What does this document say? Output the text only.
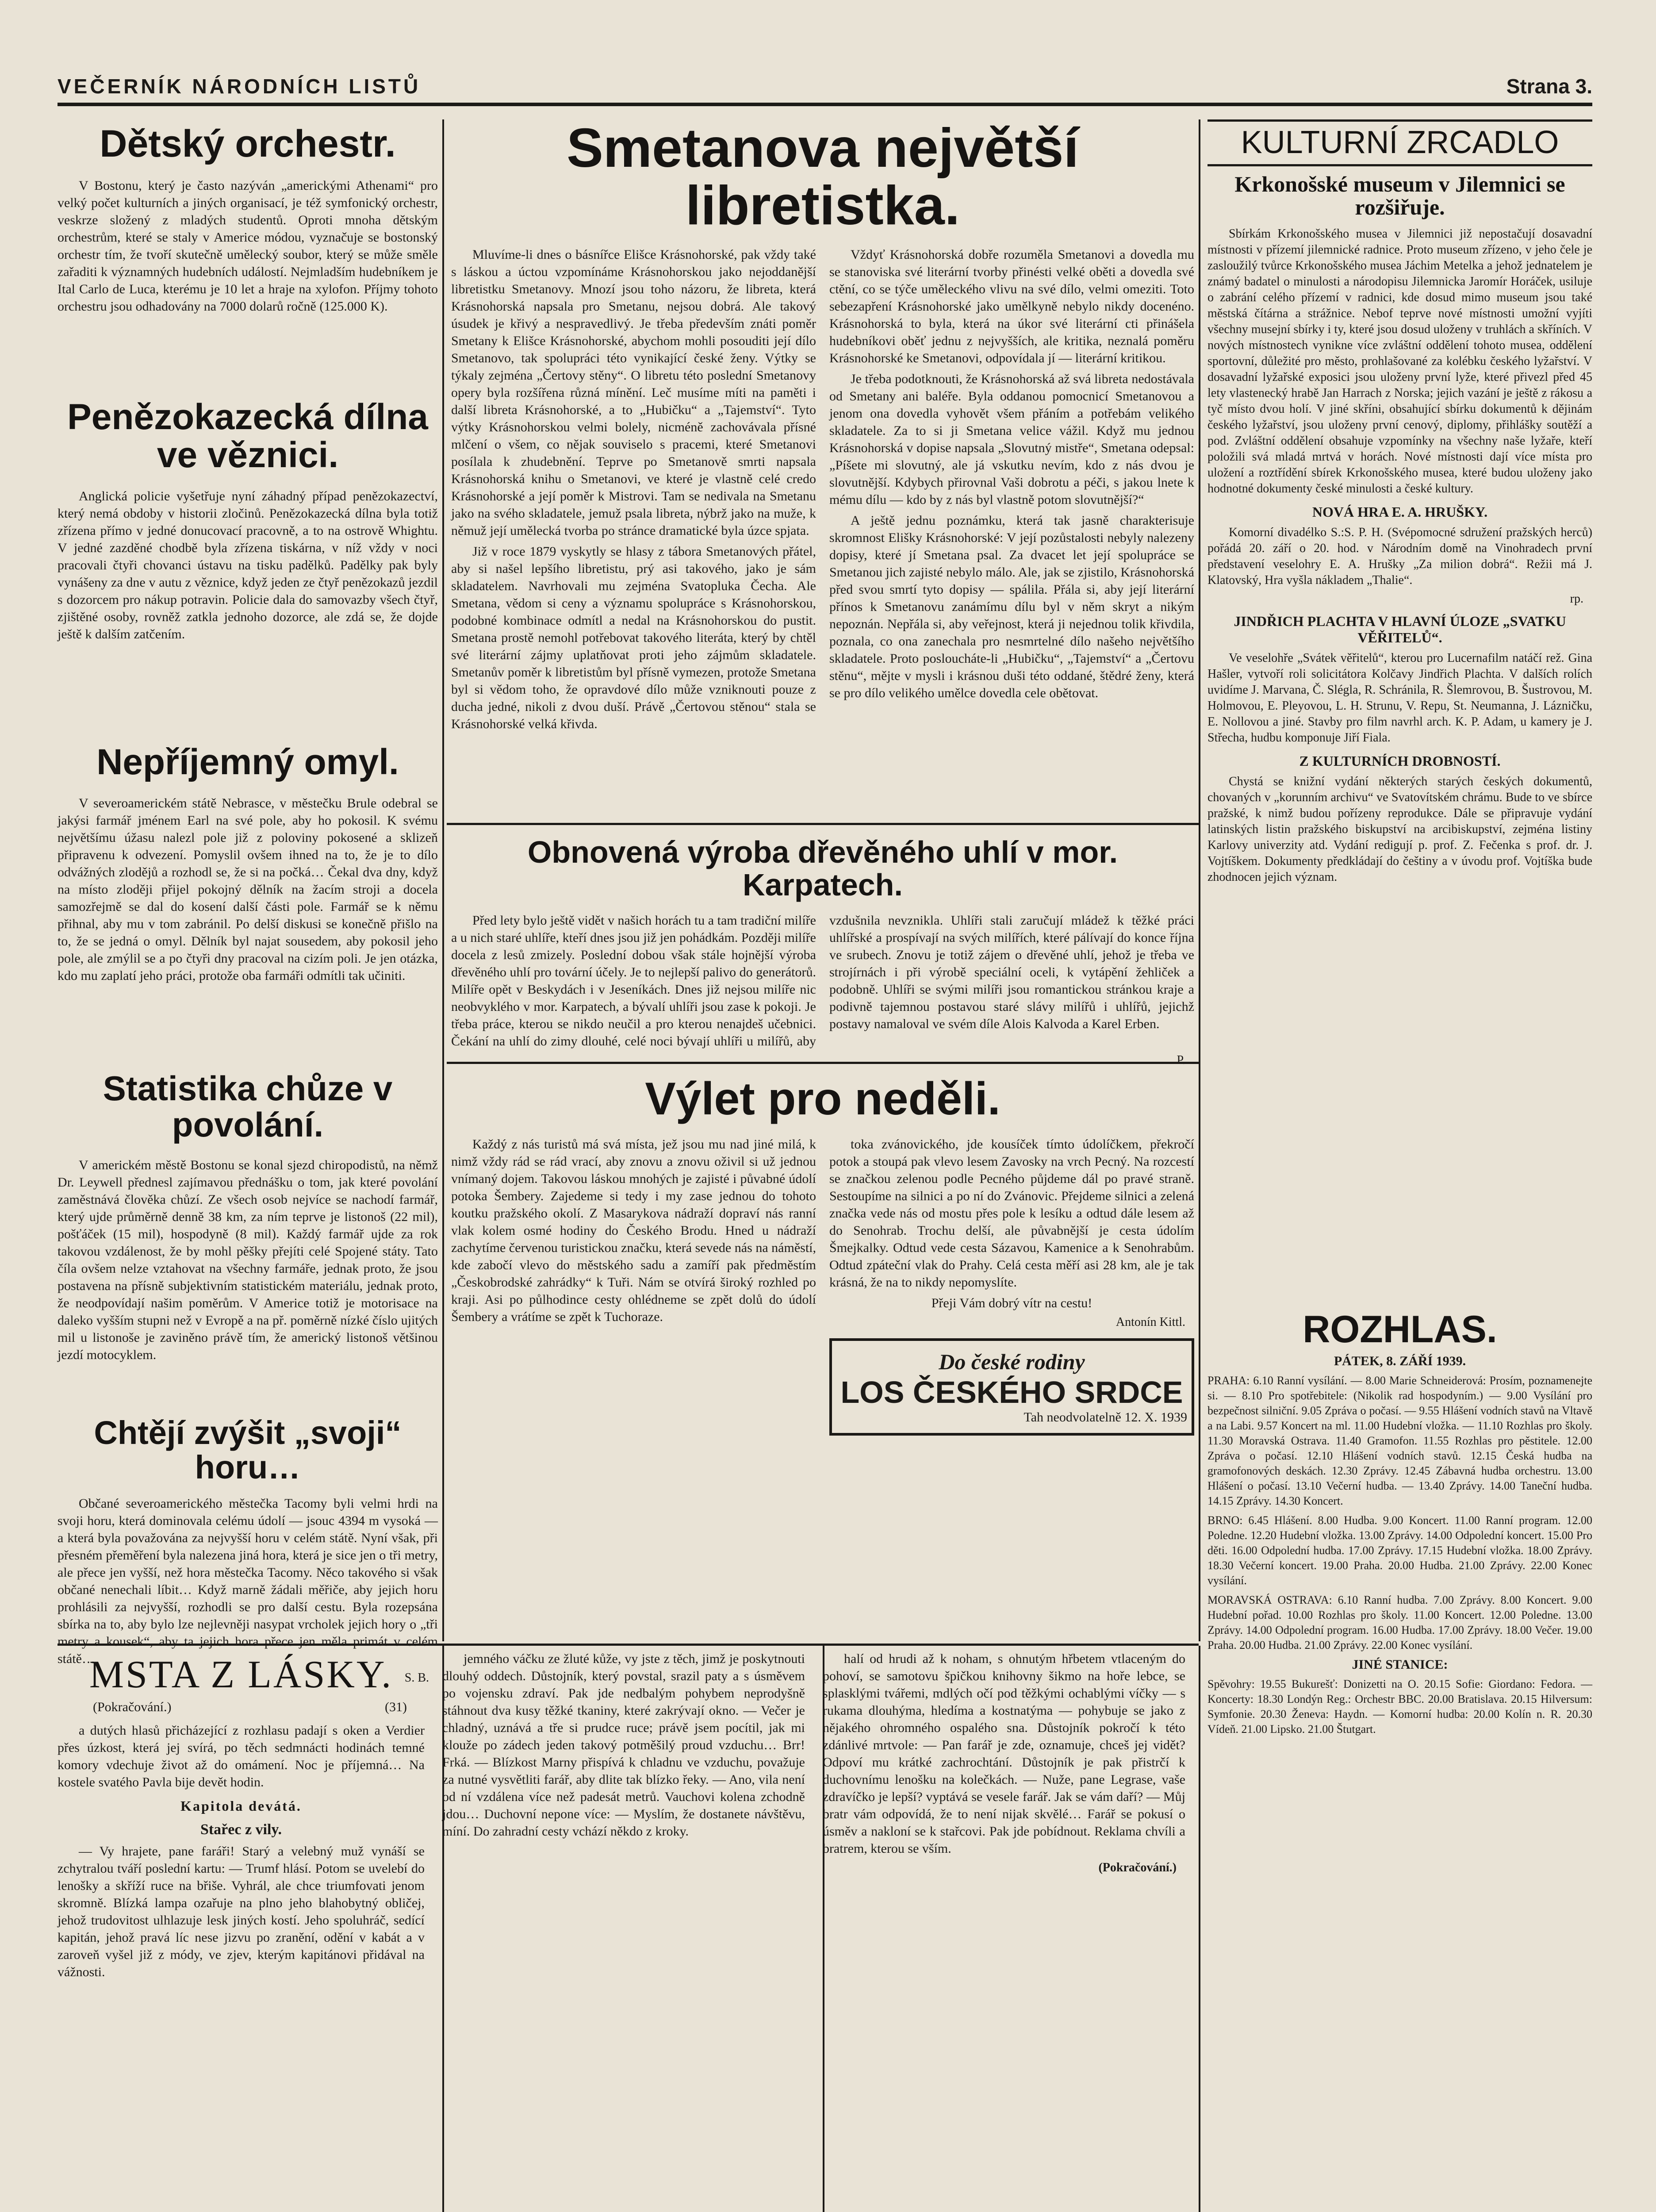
VEČERNÍK NÁRODNÍCH LISTŮ	Strana 3.
Dětský orchestr.

V Bostonu, který je často nazýván „americkými Athenami“ pro velký počet kulturních a jiných organisací, je též symfonický orchestr, veskrze složený z mladých studentů. Oproti mnoha dětským orchestrům, které se staly v Americe módou, vyznačuje se bostonský orchestr tím, že tvoří skutečně umělecký soubor, který se může směle zařaditi k významných hudebních událostí. Nejmladším hudebníkem je Ital Carlo de Luca, kterému je 10 let a hraje na xylofon. Příjmy tohoto orchestru jsou odhadovány na 7000 dolarů ročně (125.000 K).

Penězokazecká dílna ve věznici.

Anglická policie vyšetřuje nyní záhadný případ penězokazectví, který nemá obdoby v historii zločinů. Penězokazecká dílna byla totiž zřízena přímo v jedné donucovací pracovně, a to na ostrově Whightu. V jedné zazděné chodbě byla zřízena tiskárna, v níž vždy v noci pracovali čtyři chovanci ústavu na tisku padělků. Padělky pak byly vynášeny za dne v autu z věznice, když jeden ze čtyř penězokazů jezdil s dozorcem pro nákup potravin. Policie dala do samovazby všech čtyř, zjištěné osoby, rovněž zatkla jednoho dozorce, ale zdá se, že dojde ještě k dalším zatčením.

Nepříjemný omyl.

V severoamerickém státě Nebrasce, v městečku Brule odebral se jakýsi farmář jménem Earl na své pole, aby ho pokosil. K svému největšímu úžasu nalezl pole již z poloviny pokosené a sklizeň připravenu k odvezení. Pomyslil ovšem ihned na to, že je to dílo odvážných zlodějů a rozhodl se, že si na počká… Čekal dva dny, když na místo zloději přijel pokojný dělník na žacím stroji a docela samozřejmě se dal do kosení další části pole. Farmář se k němu přihnal, aby mu v tom zabránil. Po delší diskusi se konečně přišlo na to, že se jedná o omyl. Dělník byl najat sousedem, aby pokosil jeho pole, ale zmýlil se a po čtyři dny pracoval na cizím poli. Je jen otázka, kdo mu zaplatí jeho práci, protože oba farmáři odmítli tak učiniti.

Statistika chůze v povolání.

V americkém městě Bostonu se konal sjezd chiropodistů, na němž Dr. Leywell přednesl zajímavou přednášku o tom, jak které povolání zaměstnává člověka chůzí. Ze všech osob nejvíce se nachodí farmář, který ujde průměrně denně 38 km, za ním teprve je listonoš (22 mil), pošťáček (15 mil), hospodyně (8 mil). Každý farmář ujde za rok takovou vzdálenost, že by mohl pěšky přejíti celé Spojené státy. Tato číla ovšem nelze vztahovat na všechny farmáře, jednak proto, že jsou postavena na přísně subjektivním statistickém materiálu, jednak proto, že neodpovídají našim poměrům. V Americe totiž je motorisace na daleko vyšším stupni než v Evropě a na př. poměrně nízké číslo ujitých mil u listonoše je zaviněno právě tím, že americký listonoš většinou jezdí motocyklem.

Chtějí zvýšit „svoji“ horu…

Občané severoamerického městečka Tacomy byli velmi hrdi na svoji horu, která dominovala celému údolí — jsouc 4394 m vysoká — a která byla považována za nejvyšší horu v celém státě. Nyní však, při přesném přeměření byla nalezena jiná hora, která je sice jen o tři metry, ale přece jen vyšší, než hora městečka Tacomy. Něco takového si však občané nenechali líbit… Když marně žádali měřiče, aby jejich horu prohlásili za nejvyšší, rozhodli se pro další cestu. Byla rozepsána sbírka na to, aby bylo lze nejlevněji nasypat vrcholek jejich hory o „tři metry a kousek“, aby ta jejich hora přece jen měla primát v celém státě…

S. B.
Smetanova největší libretistka.

Mluvíme-li dnes o básnířce Elišce Krásnohorské, pak vždy také s láskou a úctou vzpomínáme Krásnohorskou jako nejoddanější libretistku Smetanovy. Mnozí jsou toho názoru, že libreta, která Krásnohorská napsala pro Smetanu, nejsou dobrá. Ale takový úsudek je křivý a nespravedlivý. Je třeba především znáti poměr Smetany k Elišce Krásnohorské, abychom mohli posouditi její dílo Smetanovo, tak spolupráci této vynikající české ženy. Výtky se týkaly zejména „Čertovy stěny“. O libretu této poslední Smetanovy opery byla rozšířena různá mínění. Leč musíme míti na paměti i další libreta Krásnohorské, a to „Hubičku“ a „Tajemství“. Tyto výtky Krásnohorskou velmi bolely, nicméně zachovávala přísné mlčení o všem, co nějak souviselo s pracemi, které Smetanovi posílala k zhudebnění. Teprve po Smetanově smrti napsala Krásnohorská knihu o Smetanovi, ve které je vlastně celé credo Krásnohorské a její poměr k Mistrovi. Tam se nedivala na Smetanu jako na svého skladatele, jemuž psala libreta, nýbrž jako na muže, k němuž její umělecká tvorba po stránce dramatické byla úzce spjata.

Již v roce 1879 vyskytly se hlasy z tábora Smetanových přátel, aby si našel lepšího libretistu, prý asi takového, jako je sám skladatelem. Navrhovali mu zejména Svatopluka Čecha. Ale Smetana, vědom si ceny a významu spolupráce s Krásnohorskou, podobné kombinace odmítl a nedal na Krásnohorskou do pustit. Smetana prostě nemohl potřebovat takového literáta, který by chtěl své literární zájmy uplatňovat proti jeho zájmům skladatele. Smetanův poměr k libretistům byl přísně vymezen, protože Smetana byl si vědom toho, že opravdové dílo může vzniknouti pouze z ducha jedné, nikoli z dvou duší. Právě „Čertovou stěnou“ stala se Krásnohorské velká křivda.

Vždyť Krásnohorská dobře rozuměla Smetanovi a dovedla mu se stanoviska své literární tvorby přinésti velké oběti a dovedla své ctění, co se týče uměleckého vlivu na své dílo, velmi omeziti. Toto sebezapření Krásnohorské jako umělkyně nebylo nikdy docenéno. Krásnohorská to byla, která na úkor své literární cti přinášela hudebníkovi oběť jednu z nejvyšších, ale kritika, neznalá poměru Krásnohorské ke Smetanovi, odpovídala jí — literární kritikou.

Je třeba podotknouti, že Krásnohorská až svá libreta nedostávala od Smetany ani baléře. Byla oddanou pomocnicí Smetanovou a jenom ona dovedla vyhovět všem přáním a potřebám velikého skladatele. Za to si ji Smetana velice vážil. Když mu jednou Krásnohorská v dopise napsala „Slovutný mistře“, Smetana odepsal: „Píšete mi slovutný, ale já vskutku nevím, kdo z nás dvou je slovutnější. Kdybych přirovnal Vaši dobrotu a péči, s jakou lnete k mému dílu — kdo by z nás byl vlastně potom slovutnější?“

A ještě jednu poznámku, která tak jasně charakterisuje skromnost Elišky Krásnohorské: V její pozůstalosti nebyly nalezeny dopisy, které jí Smetana psal. Za dvacet let její spolupráce se Smetanou jich zajisté nebylo málo. Ale, jak se zjistilo, Krásnohorská před svou smrtí tyto dopisy — spálila. Přála si, aby její literární přínos k Smetanovu zanámímu dílu byl v něm skryt a nikým nepoznán. Nepřála si, aby veřejnost, která ji nejednou tolik křivdila, poznala, co ona zanechala pro nesmrtelné dílo našeho největšího skladatele. Proto posloucháte-li „Hubičku“, „Tajemství“ a „Čertovu stěnu“, mějte v mysli i krásnou duši této oddané, štědré ženy, která se pro dílo velikého umělce dovedla cele obětovat.

Obnovená výroba dřevěného uhlí v mor. Karpatech.

Před lety bylo ještě vidět v našich horách tu a tam tradiční milíře a u nich staré uhlíře, kteří dnes jsou již jen pohádkám. Později milíře docela z lesů zmizely. Poslední dobou však stále hojnější výroba dřevěného uhlí pro tovární účely. Je to nejlepší palivo do generátorů. Milíře opět v Beskydách i v Jeseníkách. Dnes již nejsou milíře nic neobvyklého v mor. Karpatech, a bývalí uhlíři jsou zase k pokoji. Je třeba práce, kterou se nikdo neučil a pro kterou nenajdeš učebnici. Čekání na uhlí do zimy dlouhé, celé noci bývají uhlíři u milířů, aby vzdušnila nevznikla. Uhlíři stali zaručují mládež k těžké práci uhlířské a prospívají na svých milířích, které pálívají do konce října ve srubech. Znovu je totiž zájem o dřevěné uhlí, jehož je třeba ve strojírnách i při výrobě speciální oceli, k vytápění žehliček a podobně. Uhlíři se svými milíři jsou romantickou stránkou kraje a podivně tajemnou postavou staré slávy milířů i uhlířů, jejichž postavy namaloval ve svém díle Alois Kalvoda a Karel Erben.

P.
Výlet pro neděli.

Každý z nás turistů má svá místa, jež jsou mu nad jiné milá, k nimž vždy rád se rád vrací, aby znovu a znovu oživil si už jednou vnímaný dojem. Takovou láskou mnohých je zajisté i půvabné údolí potoka Šembery. Zajedeme si tedy i my zase jednou do tohoto koutku pražského okolí. Z Masarykova nádraží dopraví nás ranní vlak kolem osmé hodiny do Českého Brodu. Hned u nádraží zachytíme červenou turistickou značku, která sevede nás na náměstí, kde zabočí vlevo do městského sadu a zamíří pak předměstím „Českobrodské zahrádky“ k Tuři. Nám se otvírá široký rozhled po kraji. Asi po půlhodince cesty ohlédneme se zpět dolů do údolí Šembery a vrátíme se zpět k Tuchoraze.

toka zvánovického, jde kousíček tímto údolíčkem, překročí potok a stoupá pak vlevo lesem Zavosky na vrch Pecný. Na rozcestí se značkou zelenou podle Pecného půjdeme dál po pravé straně. Sestoupíme na silnici a po ní do Zvánovic. Přejdeme silnici a zelená značka vede nás od mostu přes pole k lesíku a odtud dále lesem až do Senohrab. Trochu delší, ale půvabnější je cesta údolím Šmejkalky. Odtud vede cesta Sázavou, Kamenice a k Senohrabům. Odtud zpáteční vlak do Prahy. Celá cesta měří asi 28 km, ale je tak krásná, že na to nikdy nepomyslíte.

Přeji Vám dobrý vítr na cestu!

Antonín Kittl.
Do české rodiny
LOS ČESKÉHO SRDCE
Tah neodvolatelně 12. X. 1939
KULTURNÍ ZRCADLO
Krkonošské museum v Jilemnici se rozšiřuje.

Sbírkám Krkonošského musea v Jilemnici již nepostačují dosavadní místnosti v přízemí jilemnické radnice. Proto museum zřízeno, v jeho čele je zasloužilý tvůrce Krkonošského musea Jáchim Metelka a jehož jednatelem je známý badatel o minulosti a národopisu Jilemnicka Jaromír Horáček, usiluje o zabrání celého přízemí v radnici, kde dosud mimo museum jsou také městská čítárna a strážnice. Nebof teprve nové místnosti umožní vyjíti všechny musejní sbírky i ty, které jsou dosud uloženy v truhlách a skříních. V nových místnostech vynikne více zvláštní oddělení tohoto musea, oddělení sportovní, důležité pro město, prohlašované za kolébku českého lyžařství. V dosavadní lyžařské exposici jsou uloženy první lyže, které přivezl před 45 lety vlastenecký hrabě Jan Harrach z Norska; jejich vazání je ještě z rákosu a tyč místo dvou holí. V jiné skříni, obsahující sbírku dokumentů k dějinám českého lyžařství, jsou uloženy první cenový, diplomy, přihlášky soutěží a pod. Zvláštní oddělení obsahuje vzpomínky na všechny naše lyžaře, kteří položili svá mladá mrtvá v horách. Nové místnosti dají více místa pro uložení a roztřídění sbírek Krkonošského musea, které budou uloženy jako hodnotné dokumenty české minulosti a české kultury.

NOVÁ HRA E. A. HRUŠKY.

Komorní divadélko S.:S. P. H. (Svépomocné sdružení pražských herců) pořádá 20. září o 20. hod. v Národním domě na Vinohradech první představení veselohry E. A. Hrušky „Za milion dobrá“. Režii má J. Klatovský, Hra vyšla nákladem „Thalie“.

rp.
JINDŘICH PLACHTA V HLAVNÍ ÚLOZE „SVATKU VĚŘITELŮ“.

Ve veselohře „Svátek věřitelů“, kterou pro Lucernafilm natáčí rež. Gina Hašler, vytvoří roli solicitátora Kolčavy Jindřich Plachta. V dalších rolích uvidíme J. Marvana, Č. Slégla, R. Schránila, R. Šlemrovou, B. Šustrovou, M. Holmovou, E. Pleyovou, L. H. Strunu, V. Repu, St. Neumanna, J. Lázničku, E. Nollovou a jiné. Stavby pro film navrhl arch. K. P. Adam, u kamery je J. Střecha, hudbu komponuje Jiří Fiala.

Z KULTURNÍCH DROBNOSTÍ.

Chystá se knižní vydání některých starých českých dokumentů, chovaných v „korunním archivu“ ve Svatovítském chrámu. Bude to ve sbírce pražské, k nimž budou pořízeny reprodukce. Dále se připravuje vydání latinských listin pražského biskupství na arcibiskupství, zejména listiny Karlovy univerzity atd. Vydání redigují p. prof. Z. Fečenka s prof. dr. J. Vojtíškem. Dokumenty předkládají do češtiny a v úvodu prof. Vojtíška bude zhodnocen jejich význam.

ROZHLAS.
PÁTEK, 8. ZÁŘÍ 1939.

PRAHA: 6.10 Ranní vysílání. — 8.00 Marie Schneiderová: Prosím, poznamenejte si. — 8.10 Pro spotřebitele: (Nikolik rad hospodyním.) — 9.00 Vysílání pro bezpečnost silniční. 9.05 Zpráva o počasí. — 9.55 Hlášení vodních stavů na Vltavě a na Labi. 9.57 Koncert na ml. 11.00 Hudební vložka. — 11.10 Rozhlas pro školy. 11.30 Moravská Ostrava. 11.40 Gramofon. 11.55 Rozhlas pro pěstitele. 12.00 Zpráva o počasí. 12.10 Hlášení vodních stavů. 12.15 Česká hudba na gramofonových deskách. 12.30 Zprávy. 12.45 Zábavná hudba orchestru. 13.00 Hlášení o počasí. 13.10 Večerní hudba. — 13.40 Zprávy. 14.00 Taneční hudba. 14.15 Zprávy. 14.30 Koncert.

BRNO: 6.45 Hlášení. 8.00 Hudba. 9.00 Koncert. 11.00 Ranní program. 12.00 Poledne. 12.20 Hudební vložka. 13.00 Zprávy. 14.00 Odpolední koncert. 15.00 Pro děti. 16.00 Odpolední hudba. 17.00 Zprávy. 17.15 Hudební vložka. 18.00 Zprávy. 18.30 Večerní koncert. 19.00 Praha. 20.00 Hudba. 21.00 Zprávy. 22.00 Konec vysílání.

MORAVSKÁ OSTRAVA: 6.10 Ranní hudba. 7.00 Zprávy. 8.00 Koncert. 9.00 Hudební pořad. 10.00 Rozhlas pro školy. 11.00 Koncert. 12.00 Poledne. 13.00 Zprávy. 14.00 Odpolední program. 16.00 Hudba. 17.00 Zprávy. 18.00 Večer. 19.00 Praha. 20.00 Hudba. 21.00 Zprávy. 22.00 Konec vysílání.

JINÉ STANICE:

Spěvohry: 19.55 Bukurešť: Donizetti na O. 20.15 Sofie: Giordano: Fedora. — Koncerty: 18.30 Londýn Reg.: Orchestr BBC. 20.00 Bratislava. 20.15 Hilversum: Symfonie. 20.30 Ženeva: Haydn. — Komorní hudba: 20.00 Kolín n. R. 20.30 Vídeň. 21.00 Lipsko. 21.00 Štutgart.

MSTA Z LÁSKY.
(Pokračování.)	(31)

a dutých hlasů přicházející z rozhlasu padají s oken a Verdier přes úzkost, která jej svírá, po těch sedmnácti hodinách temné komory vdechuje život až do omámení. Noc je příjemná… Na kostele svatého Pavla bije devět hodin.

Kapitola devátá.
Stařec z vily.

— Vy hrajete, pane faráři! Starý a velebný muž vynáší se zchytralou tváří poslední kartu: — Trumf hlásí. Potom se uvelebí do lenošky a skříží ruce na břiše. Vyhrál, ale chce triumfovati jenom skromně. Blízká lampa ozařuje na plno jeho blahobytný obličej, jehož trudovitost ulhlazuje lesk jiných kostí. Jeho spoluhráč, sedící kapitán, jehož pravá líc nese jizvu po zranění, odění v kabát a v zaroveň vyšel již z módy, ve zjev, kterým kapitánovi přidával na vážnosti.

jemného váčku ze žluté kůže, vy jste z těch, jimž je poskytnouti dlouhý oddech. Důstojník, který povstal, srazil paty a s úsměvem po vojensku zdraví. Pak jde nedbalým pohybem neprodyšně stáhnout dva kusy těžké tkaniny, které zakrývají okno. — Večer je chladný, uznává a tře si prudce ruce; právě jsem pocítil, jak mi klouže po zádech jeden takový potměšilý proud vzduchu… Brr! Frká. — Blízkost Marny přispívá k chladnu ve vzduchu, považuje za nutné vysvětliti farář, aby dlite tak blízko řeky. — Ano, vila není od ní vzdálena více než padesát metrů. Vauchovi kolena zchodně jdou… Duchovní nepone více: — Myslím, že dostanete návštěvu, míní. Do zahradní cesty vchází někdo z kroky.

halí od hrudi až k noham, s ohnutým hřbetem vtlaceným do pohoví, se samotovu špičkou knihovny šikmo na hoře lebce, se splasklými tvářemi, mdlých očí pod těžkými ochablými víčky — s rukama dlouhýma, hledíma a kostnatýma — pohybuje se jako z nějakého ohromného ospalého sna. Důstojník pokročí k této zdánlivé mrtvole: — Pan farář je zde, oznamuje, chceš jej vidět? Odpoví mu krátké zachrochtání. Důstojník je pak přistrčí k duchovnímu lenošku na kolečkách. — Nuže, pane Legrase, vaše zdravíčko je lepší? vyptává se vesele farář. Jak se vám daří? — Můj bratr vám odpovídá, že to není nijak skvělé… Farář se pokusí o úsměv a nakloní se k stařcovi. Pak jde pobídnout. Reklama chvíli a bratrem, kterou se vším.

(Pokračování.)
